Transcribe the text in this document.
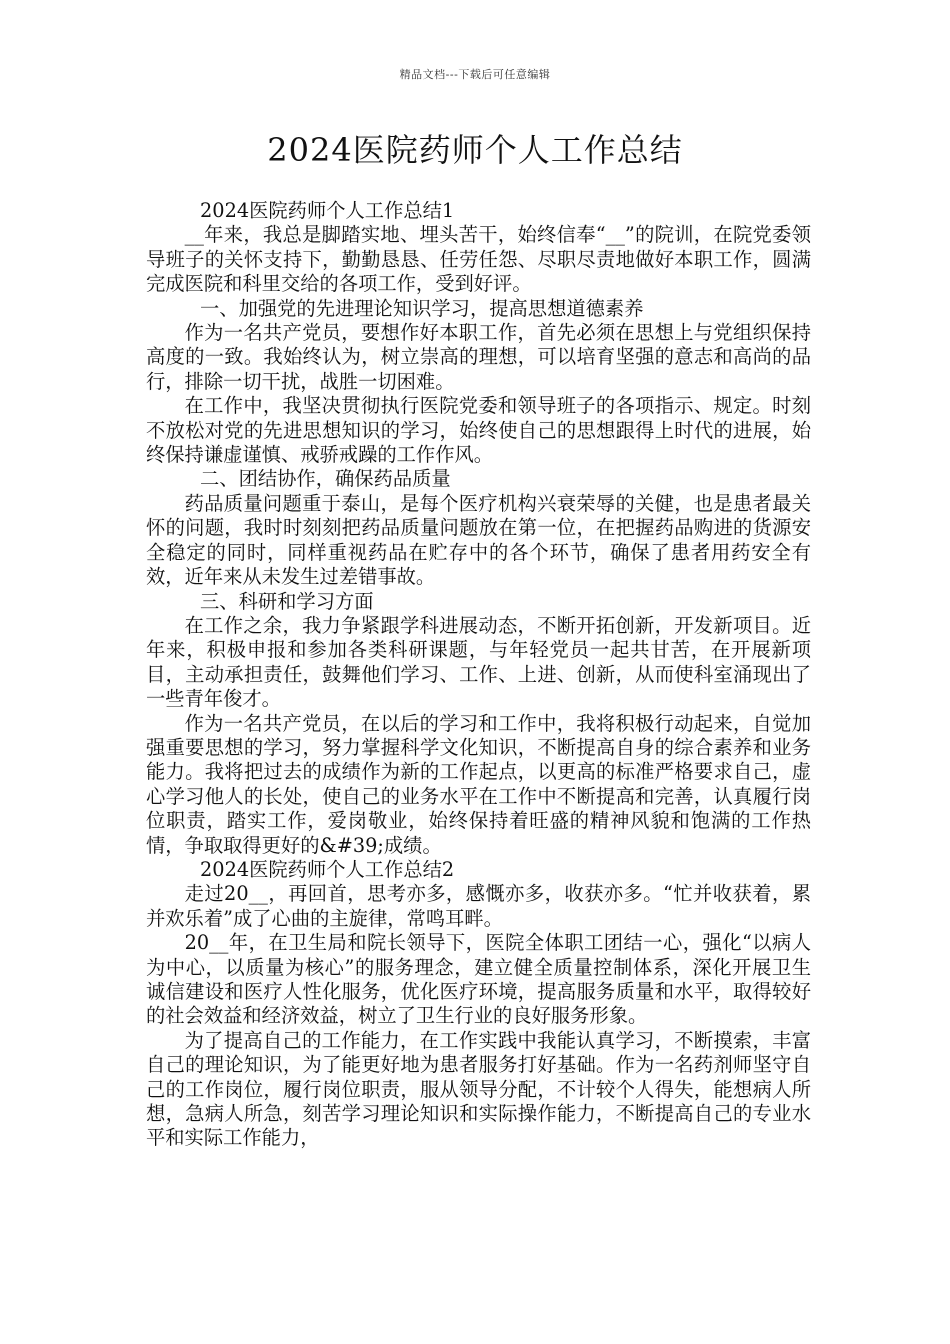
精品文档---下载后可任意编辑
2024医院药师个人工作总结

2024医院药师个人工作总结1

__年来，我总是脚踏实地、埋头苦干，始终信奉“__”的院训，在院党委领导班子的关怀支持下，勤勤恳恳、任劳任怨、尽职尽责地做好本职工作，圆满完成医院和科里交给的各项工作，受到好评。

一、加强党的先进理论知识学习，提高思想道德素养

作为一名共产党员，要想作好本职工作，首先必须在思想上与党组织保持高度的一致。我始终认为，树立崇高的理想，可以培育坚强的意志和高尚的品行，排除一切干扰，战胜一切困难。

在工作中，我坚决贯彻执行医院党委和领导班子的各项指示、规定。时刻不放松对党的先进思想知识的学习，始终使自己的思想跟得上时代的进展，始终保持谦虚谨慎、戒骄戒躁的工作作风。

二、团结协作，确保药品质量

药品质量问题重于泰山，是每个医疗机构兴衰荣辱的关健，也是患者最关怀的问题，我时时刻刻把药品质量问题放在第一位，在把握药品购进的货源安全稳定的同时，同样重视药品在贮存中的各个环节，确保了患者用药安全有效，近年来从未发生过差错事故。

三、科研和学习方面

在工作之余，我力争紧跟学科进展动态，不断开拓创新，开发新项目。近年来，积极申报和参加各类科研课题，与年轻党员一起共甘苦，在开展新项目，主动承担责任，鼓舞他们学习、工作、上进、创新，从而使科室涌现出了一些青年俊才。

作为一名共产党员，在以后的学习和工作中，我将积极行动起来，自觉加强重要思想的学习，努力掌握科学文化知识，不断提高自身的综合素养和业务能力。我将把过去的成绩作为新的工作起点，以更高的标准严格要求自己，虚心学习他人的长处，使自己的业务水平在工作中不断提高和完善，认真履行岗位职责，踏实工作，爱岗敬业，始终保持着旺盛的精神风貌和饱满的工作热情，争取取得更好的&#39;成绩。

2024医院药师个人工作总结2

走过20__，再回首，思考亦多，感慨亦多，收获亦多。“忙并收获着，累并欢乐着”成了心曲的主旋律，常鸣耳畔。

20__年，在卫生局和院长领导下，医院全体职工团结一心，强化“以病人为中心，以质量为核心”的服务理念，建立健全质量控制体系，深化开展卫生诚信建设和医疗人性化服务，优化医疗环境，提高服务质量和水平，取得较好的社会效益和经济效益，树立了卫生行业的良好服务形象。

为了提高自己的工作能力，在工作实践中我能认真学习，不断摸索，丰富自己的理论知识，为了能更好地为患者服务打好基础。作为一名药剂师坚守自己的工作岗位，履行岗位职责，服从领导分配，不计较个人得失，能想病人所想，急病人所急，刻苦学习理论知识和实际操作能力，不断提高自己的专业水平和实际工作能力，
